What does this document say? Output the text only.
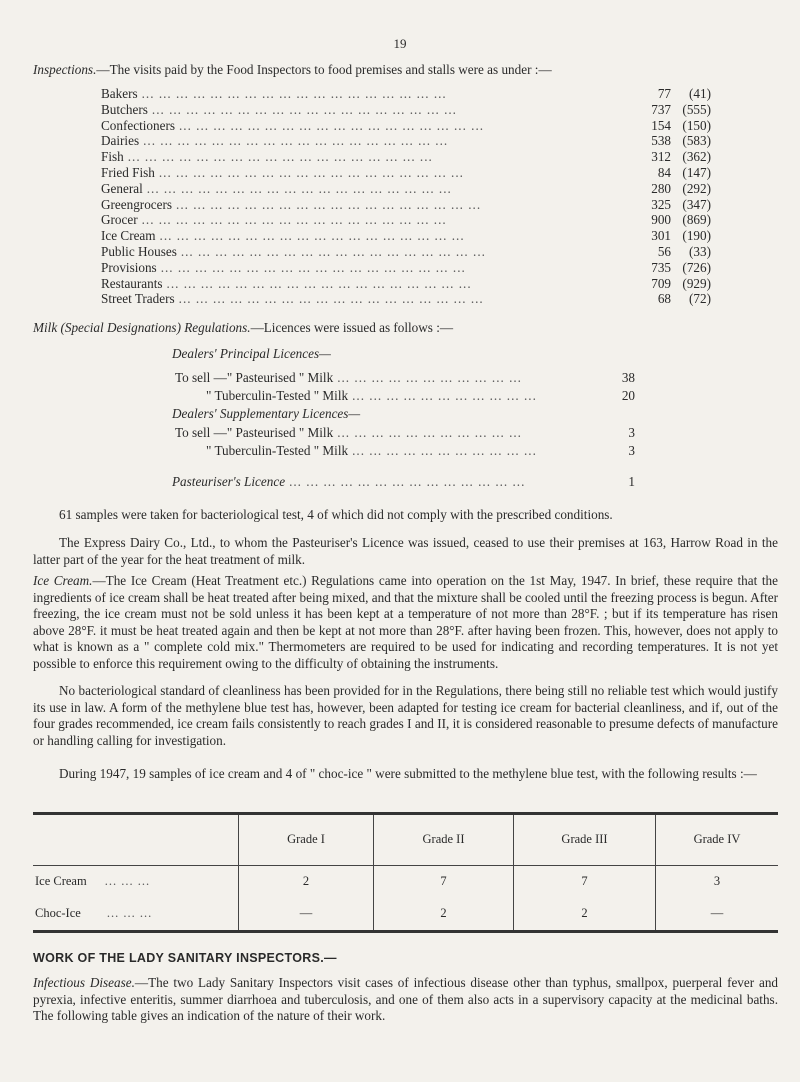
19
Inspections.—The visits paid by the Food Inspectors to food premises and stalls were as under :—
Bakers ... ... ... ... ... ... ... ... ... ... ... ... ... ... ... ... ... ...	77	(41)
Butchers ... ... ... ... ... ... ... ... ... ... ... ... ... ... ... ... ... ...	737 (555)
Confectioners ... ... ... ... ... ... ... ... ... ... ... ... ... ... ... ... ... ...	154 (150)
Dairies ... ... ... ... ... ... ... ... ... ... ... ... ... ... ... ... ... ...	538 (583)
Fish ... ... ... ... ... ... ... ... ... ... ... ... ... ... ... ... ... ...	312 (362)
Fried Fish ... ... ... ... ... ... ... ... ... ... ... ... ... ... ... ... ... ...	84 (147)
General ... ... ... ... ... ... ... ... ... ... ... ... ... ... ... ... ... ...	280 (292)
Greengrocers ... ... ... ... ... ... ... ... ... ... ... ... ... ... ... ... ... ...	325 (347)
Grocer ... ... ... ... ... ... ... ... ... ... ... ... ... ... ... ... ... ...	900 (869)
Ice Cream ... ... ... ... ... ... ... ... ... ... ... ... ... ... ... ... ... ...	301 (190)
Public Houses ... ... ... ... ... ... ... ... ... ... ... ... ... ... ... ... ... ...	56	(33)
Provisions ... ... ... ... ... ... ... ... ... ... ... ... ... ... ... ... ... ...	735 (726)
Restaurants ... ... ... ... ... ... ... ... ... ... ... ... ... ... ... ... ... ...	709 (929)
Street Traders ... ... ... ... ... ... ... ... ... ... ... ... ... ... ... ... ... ...	68	(72)
Milk (Special Designations) Regulations.—Licences were issued as follows :—
Dealers' Principal Licences—
To sell —" Pasteurised " Milk ... ... ... ... ... ... ... ... ... ... ...	38
" Tuberculin-Tested " Milk ... ... ... ... ... ... ... ... ... ... ...	20
Dealers' Supplementary Licences—
To sell —" Pasteurised " Milk ... ... ... ... ... ... ... ... ... ... ...	3
" Tuberculin-Tested " Milk ... ... ... ... ... ... ... ... ... ... ...	3
Pasteuriser's Licence ... ... ... ... ... ... ... ... ... ... ... ... ... ...	1
61 samples were taken for bacteriological test, 4 of which did not comply with the prescribed conditions.
The Express Dairy Co., Ltd., to whom the Pasteuriser's Licence was issued, ceased to use their premises at 163, Harrow Road in the latter part of the year for the heat treatment of milk.
Ice Cream.—The Ice Cream (Heat Treatment etc.) Regulations came into operation on the 1st May, 1947. In brief, these require that the ingredients of ice cream shall be heat treated after being mixed, and that the mixture shall be cooled until the freezing process is begun. After freezing, the ice cream must not be sold unless it has been kept at a temperature of not more than 28°F. ; but if its temperature has risen above 28°F. it must be heat treated again and then be kept at not more than 28°F. after having been frozen. This, however, does not apply to what is known as a " complete cold mix." Thermometers are required to be used for indicating and recording temperatures. It is not yet possible to enforce this requirement owing to the difficulty of obtaining the instruments.
No bacteriological standard of cleanliness has been provided for in the Regulations, there being still no reliable test which would justify its use in law. A form of the methylene blue test has, however, been adapted for testing ice cream for bacterial cleanliness, and if, out of the four grades recommended, ice cream fails consistently to reach grades I and II, it is considered reasonable to presume defects of manufacture or handling calling for investigation.
During 1947, 19 samples of ice cream and 4 of " choc-ice " were submitted to the methylene blue test, with the following results :—
	Grade I	Grade II	Grade III	Grade IV

Ice Cream ... ... ...	2	7	7	3

Choc-Ice ... ... ...	—	2	2	—
WORK OF THE LADY SANITARY INSPECTORS.—
Infectious Disease.—The two Lady Sanitary Inspectors visit cases of infectious disease other than typhus, smallpox, puerperal fever and pyrexia, infective enteritis, summer diarrhoea and tuberculosis, and one of them also acts in a supervisory capacity at the medicinal baths. The following table gives an indication of the nature of their work.
